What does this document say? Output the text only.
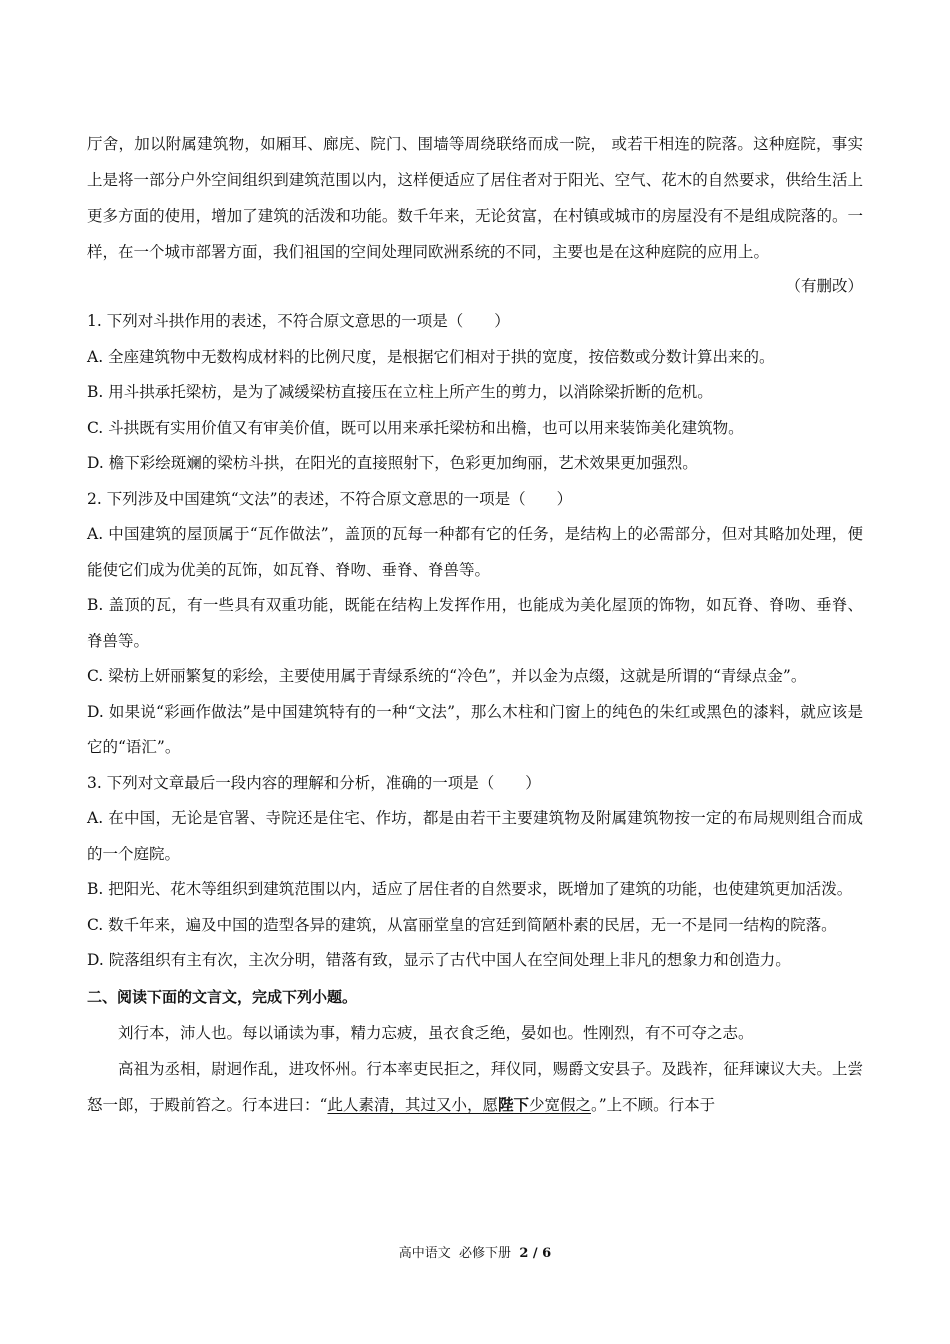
厅舍，加以附属建筑物，如厢耳、廊庑、院门、围墙等周绕联络而成一院， 或若干相连的院落。这种庭院，事实上是将一部分户外空间组织到建筑范围以内，这样便适应了居住者对于阳光、空气、花木的自然要求，供给生活上更多方面的使用，增加了建筑的活泼和功能。数千年来，无论贫富，在村镇或城市的房屋没有不是组成院落的。一样，在一个城市部署方面，我们祖国的空间处理同欧洲系统的不同，主要也是在这种庭院的应用上。

（有删改）

1. 下列对斗拱作用的表述，不符合原文意思的一项是（　　）

A. 全座建筑物中无数构成材料的比例尺度，是根据它们相对于拱的宽度，按倍数或分数计算出来的。

B. 用斗拱承托梁枋，是为了减缓梁枋直接压在立柱上所产生的剪力，以消除梁折断的危机。

C. 斗拱既有实用价值又有审美价值，既可以用来承托梁枋和出檐，也可以用来装饰美化建筑物。

D. 檐下彩绘斑斓的梁枋斗拱，在阳光的直接照射下，色彩更加绚丽，艺术效果更加强烈。

2. 下列涉及中国建筑“文法”的表述，不符合原文意思的一项是（　　）

A. 中国建筑的屋顶属于“瓦作做法”，盖顶的瓦每一种都有它的任务，是结构上的必需部分，但对其略加处理，便能使它们成为优美的瓦饰，如瓦脊、脊吻、垂脊、脊兽等。

B. 盖顶的瓦，有一些具有双重功能，既能在结构上发挥作用，也能成为美化屋顶的饰物，如瓦脊、脊吻、垂脊、脊兽等。

C. 梁枋上妍丽繁复的彩绘，主要使用属于青绿系统的“冷色”，并以金为点缀，这就是所谓的“青绿点金”。

D. 如果说“彩画作做法”是中国建筑特有的一种“文法”，那么木柱和门窗上的纯色的朱红或黑色的漆料，就应该是它的“语汇”。

3. 下列对文章最后一段内容的理解和分析，准确的一项是（　　）

A. 在中国，无论是官署、寺院还是住宅、作坊，都是由若干主要建筑物及附属建筑物按一定的布局规则组合而成的一个庭院。

B. 把阳光、花木等组织到建筑范围以内，适应了居住者的自然要求，既增加了建筑的功能，也使建筑更加活泼。

C. 数千年来，遍及中国的造型各异的建筑，从富丽堂皇的宫廷到简陋朴素的民居，无一不是同一结构的院落。

D. 院落组织有主有次，主次分明，错落有致，显示了古代中国人在空间处理上非凡的想象力和创造力。

二、阅读下面的文言文，完成下列小题。

刘行本，沛人也。每以诵读为事，精力忘疲，虽衣食乏绝，晏如也。性刚烈，有不可夺之志。

高祖为丞相，尉迥作乱，进攻怀州。行本率吏民拒之，拜仪同，赐爵文安县子。及践祚，征拜谏议大夫。上尝怒一郎，于殿前笞之。行本进曰：“此人素清，其过又小，愿陛下少宽假之。”上不顾。行本于

高中语文  必修下册  2 / 6
